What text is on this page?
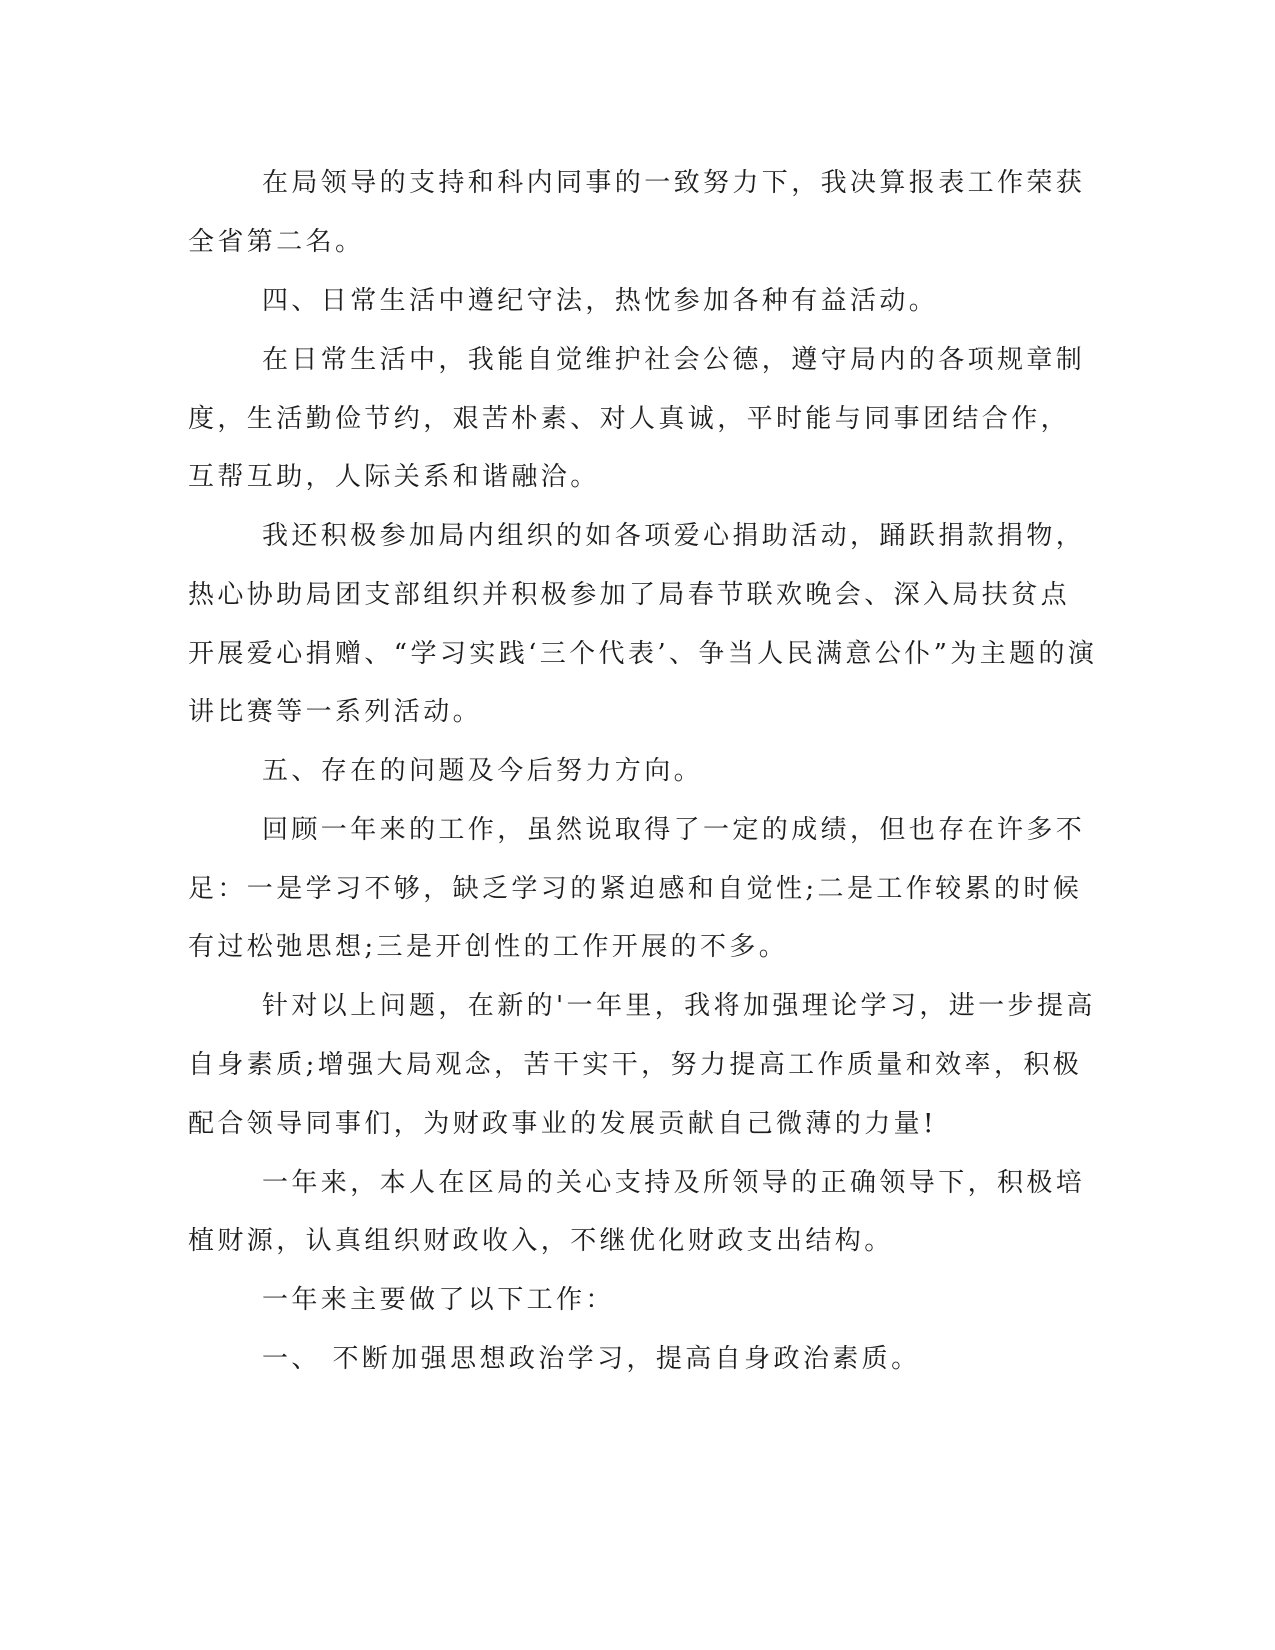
在局领导的支持和科内同事的一致努力下，我决算报表工作荣获
全省第二名。
四、日常生活中遵纪守法，热忱参加各种有益活动。
在日常生活中，我能自觉维护社会公德，遵守局内的各项规章制
度，生活勤俭节约，艰苦朴素、对人真诚，平时能与同事团结合作，
互帮互助，人际关系和谐融洽。
我还积极参加局内组织的如各项爱心捐助活动，踊跃捐款捐物，
热心协助局团支部组织并积极参加了局春节联欢晚会、深入局扶贫点
开展爱心捐赠、“学习实践‘三个代表’、争当人民满意公仆”为主题的演
讲比赛等一系列活动。
五、存在的问题及今后努力方向。
回顾一年来的工作，虽然说取得了一定的成绩，但也存在许多不
足：一是学习不够，缺乏学习的紧迫感和自觉性;二是工作较累的时候
有过松弛思想;三是开创性的工作开展的不多。
针对以上问题，在新的'一年里，我将加强理论学习，进一步提高
自身素质;增强大局观念，苦干实干，努力提高工作质量和效率，积极
配合领导同事们，为财政事业的发展贡献自己微薄的力量!
一年来，本人在区局的关心支持及所领导的正确领导下，积极培
植财源，认真组织财政收入，不继优化财政支出结构。
一年来主要做了以下工作：
一、 不断加强思想政治学习，提高自身政治素质。
